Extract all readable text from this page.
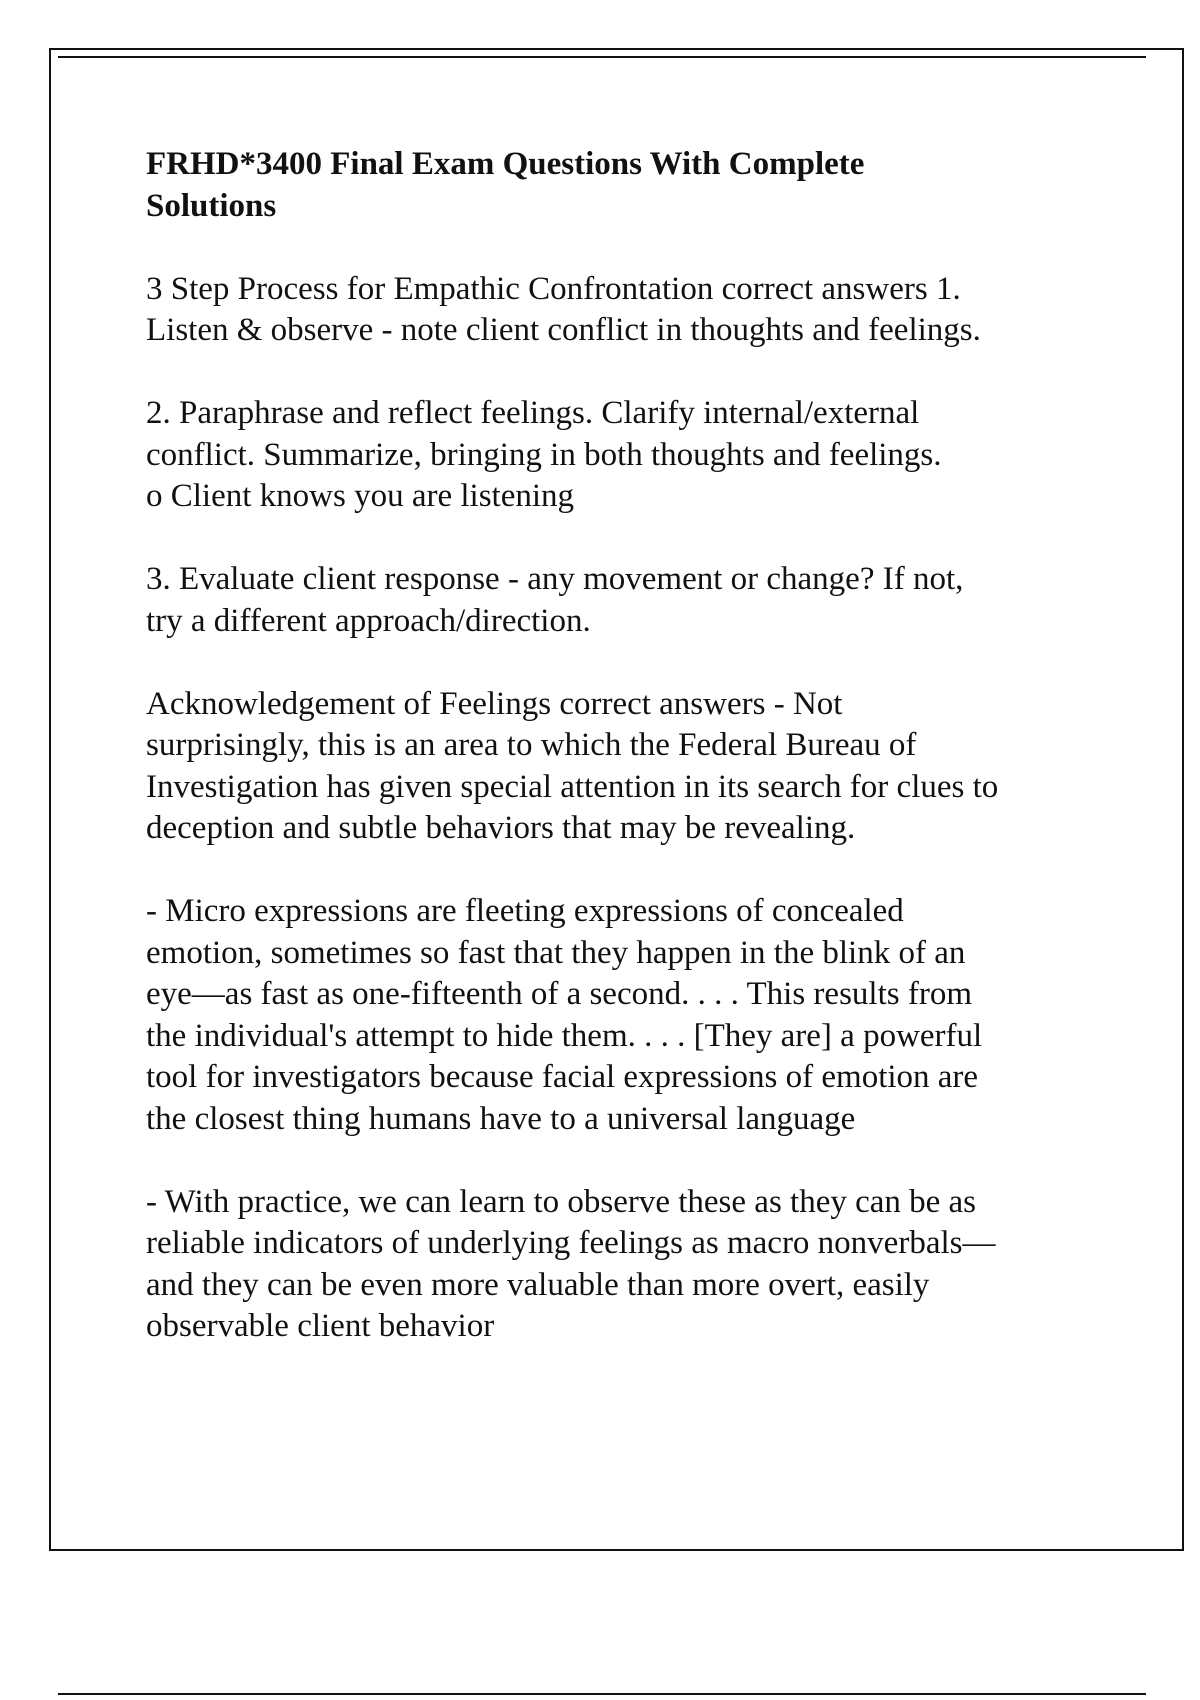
FRHD*3400 Final Exam Questions With Complete
Solutions
3 Step Process for Empathic Confrontation correct answers 1.
Listen & observe - note client conflict in thoughts and feelings.
2. Paraphrase and reflect feelings. Clarify internal/external
conflict. Summarize, bringing in both thoughts and feelings.
o Client knows you are listening
3. Evaluate client response - any movement or change? If not,
try a different approach/direction.
Acknowledgement of Feelings correct answers - Not
surprisingly, this is an area to which the Federal Bureau of
Investigation has given special attention in its search for clues to
deception and subtle behaviors that may be revealing.
- Micro expressions are fleeting expressions of concealed
emotion, sometimes so fast that they happen in the blink of an
eye—as fast as one-fifteenth of a second. . . . This results from
the individual's attempt to hide them. . . . [They are] a powerful
tool for investigators because facial expressions of emotion are
the closest thing humans have to a universal language
- With practice, we can learn to observe these as they can be as
reliable indicators of underlying feelings as macro nonverbals—
and they can be even more valuable than more overt, easily
observable client behavior
